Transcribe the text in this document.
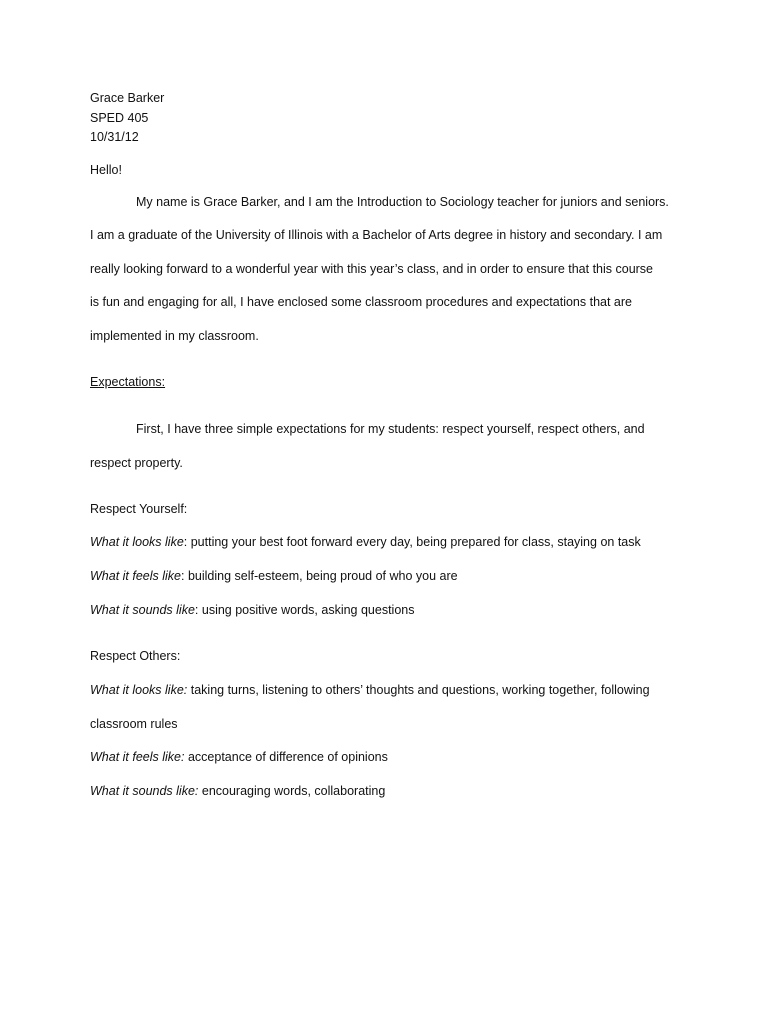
Grace Barker
SPED 405
10/31/12
Hello!
My name is Grace Barker, and I am the Introduction to Sociology teacher for juniors and seniors.
I am a graduate of the University of Illinois with a Bachelor of Arts degree in history and secondary. I am
really looking forward to a wonderful year with this year’s class, and in order to ensure that this course
is fun and engaging for all, I have enclosed some classroom procedures and expectations that are
implemented in my classroom.
Expectations:
First, I have three simple expectations for my students: respect yourself, respect others, and
respect property.
Respect Yourself:
What it looks like: putting your best foot forward every day, being prepared for class, staying on task
What it feels like: building self-esteem, being proud of who you are
What it sounds like: using positive words, asking questions
Respect Others:
What it looks like: taking turns, listening to others’ thoughts and questions, working together, following
classroom rules
What it feels like: acceptance of difference of opinions
What it sounds like: encouraging words, collaborating
